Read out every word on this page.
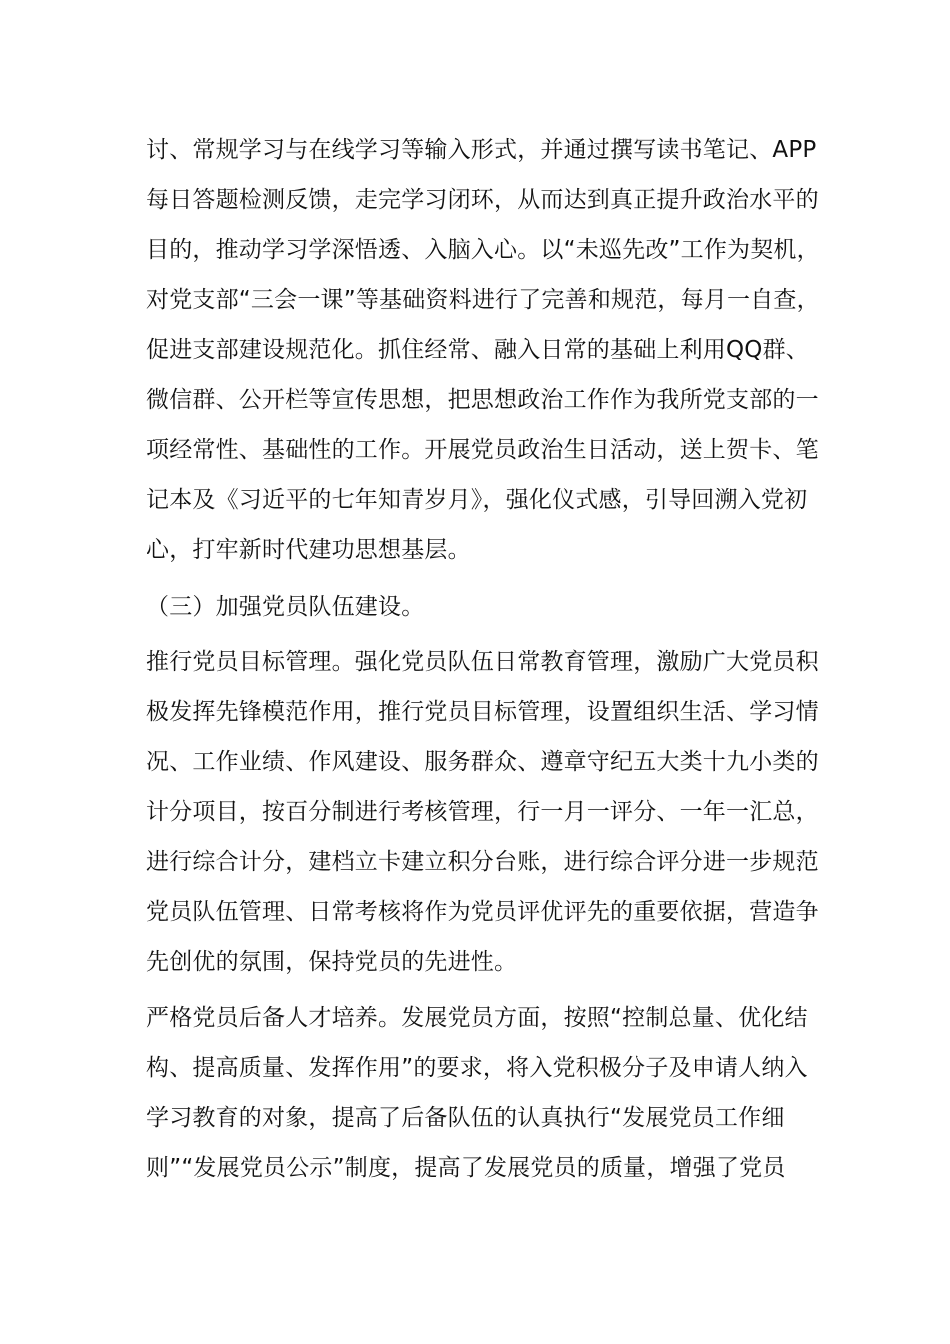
讨、常规学习与在线学习等输入形式，并通过撰写读书笔记、APP
每日答题检测反馈，走完学习闭环，从而达到真正提升政治水平的
目的，推动学习学深悟透、入脑入心。以“未巡先改”工作为契机，
对党支部“三会一课”等基础资料进行了完善和规范，每月一自查，
促进支部建设规范化。抓住经常、融入日常的基础上利用QQ群、
微信群、公开栏等宣传思想，把思想政治工作作为我所党支部的一
项经常性、基础性的工作。开展党员政治生日活动，送上贺卡、笔
记本及《习近平的七年知青岁月》，强化仪式感，引导回溯入党初
心，打牢新时代建功思想基层。
（三）加强党员队伍建设。
推行党员目标管理。强化党员队伍日常教育管理，激励广大党员积
极发挥先锋模范作用，推行党员目标管理，设置组织生活、学习情
况、工作业绩、作风建设、服务群众、遵章守纪五大类十九小类的
计分项目，按百分制进行考核管理，行一月一评分、一年一汇总，
进行综合计分，建档立卡建立积分台账，进行综合评分进一步规范
党员队伍管理、日常考核将作为党员评优评先的重要依据，营造争
先创优的氛围，保持党员的先进性。
严格党员后备人才培养。发展党员方面，按照“控制总量、优化结
构、提高质量、发挥作用”的要求，将入党积极分子及申请人纳入
学习教育的对象，提高了后备队伍的认真执行“发展党员工作细
则”“发展党员公示”制度，提高了发展党员的质量，增强了党员
